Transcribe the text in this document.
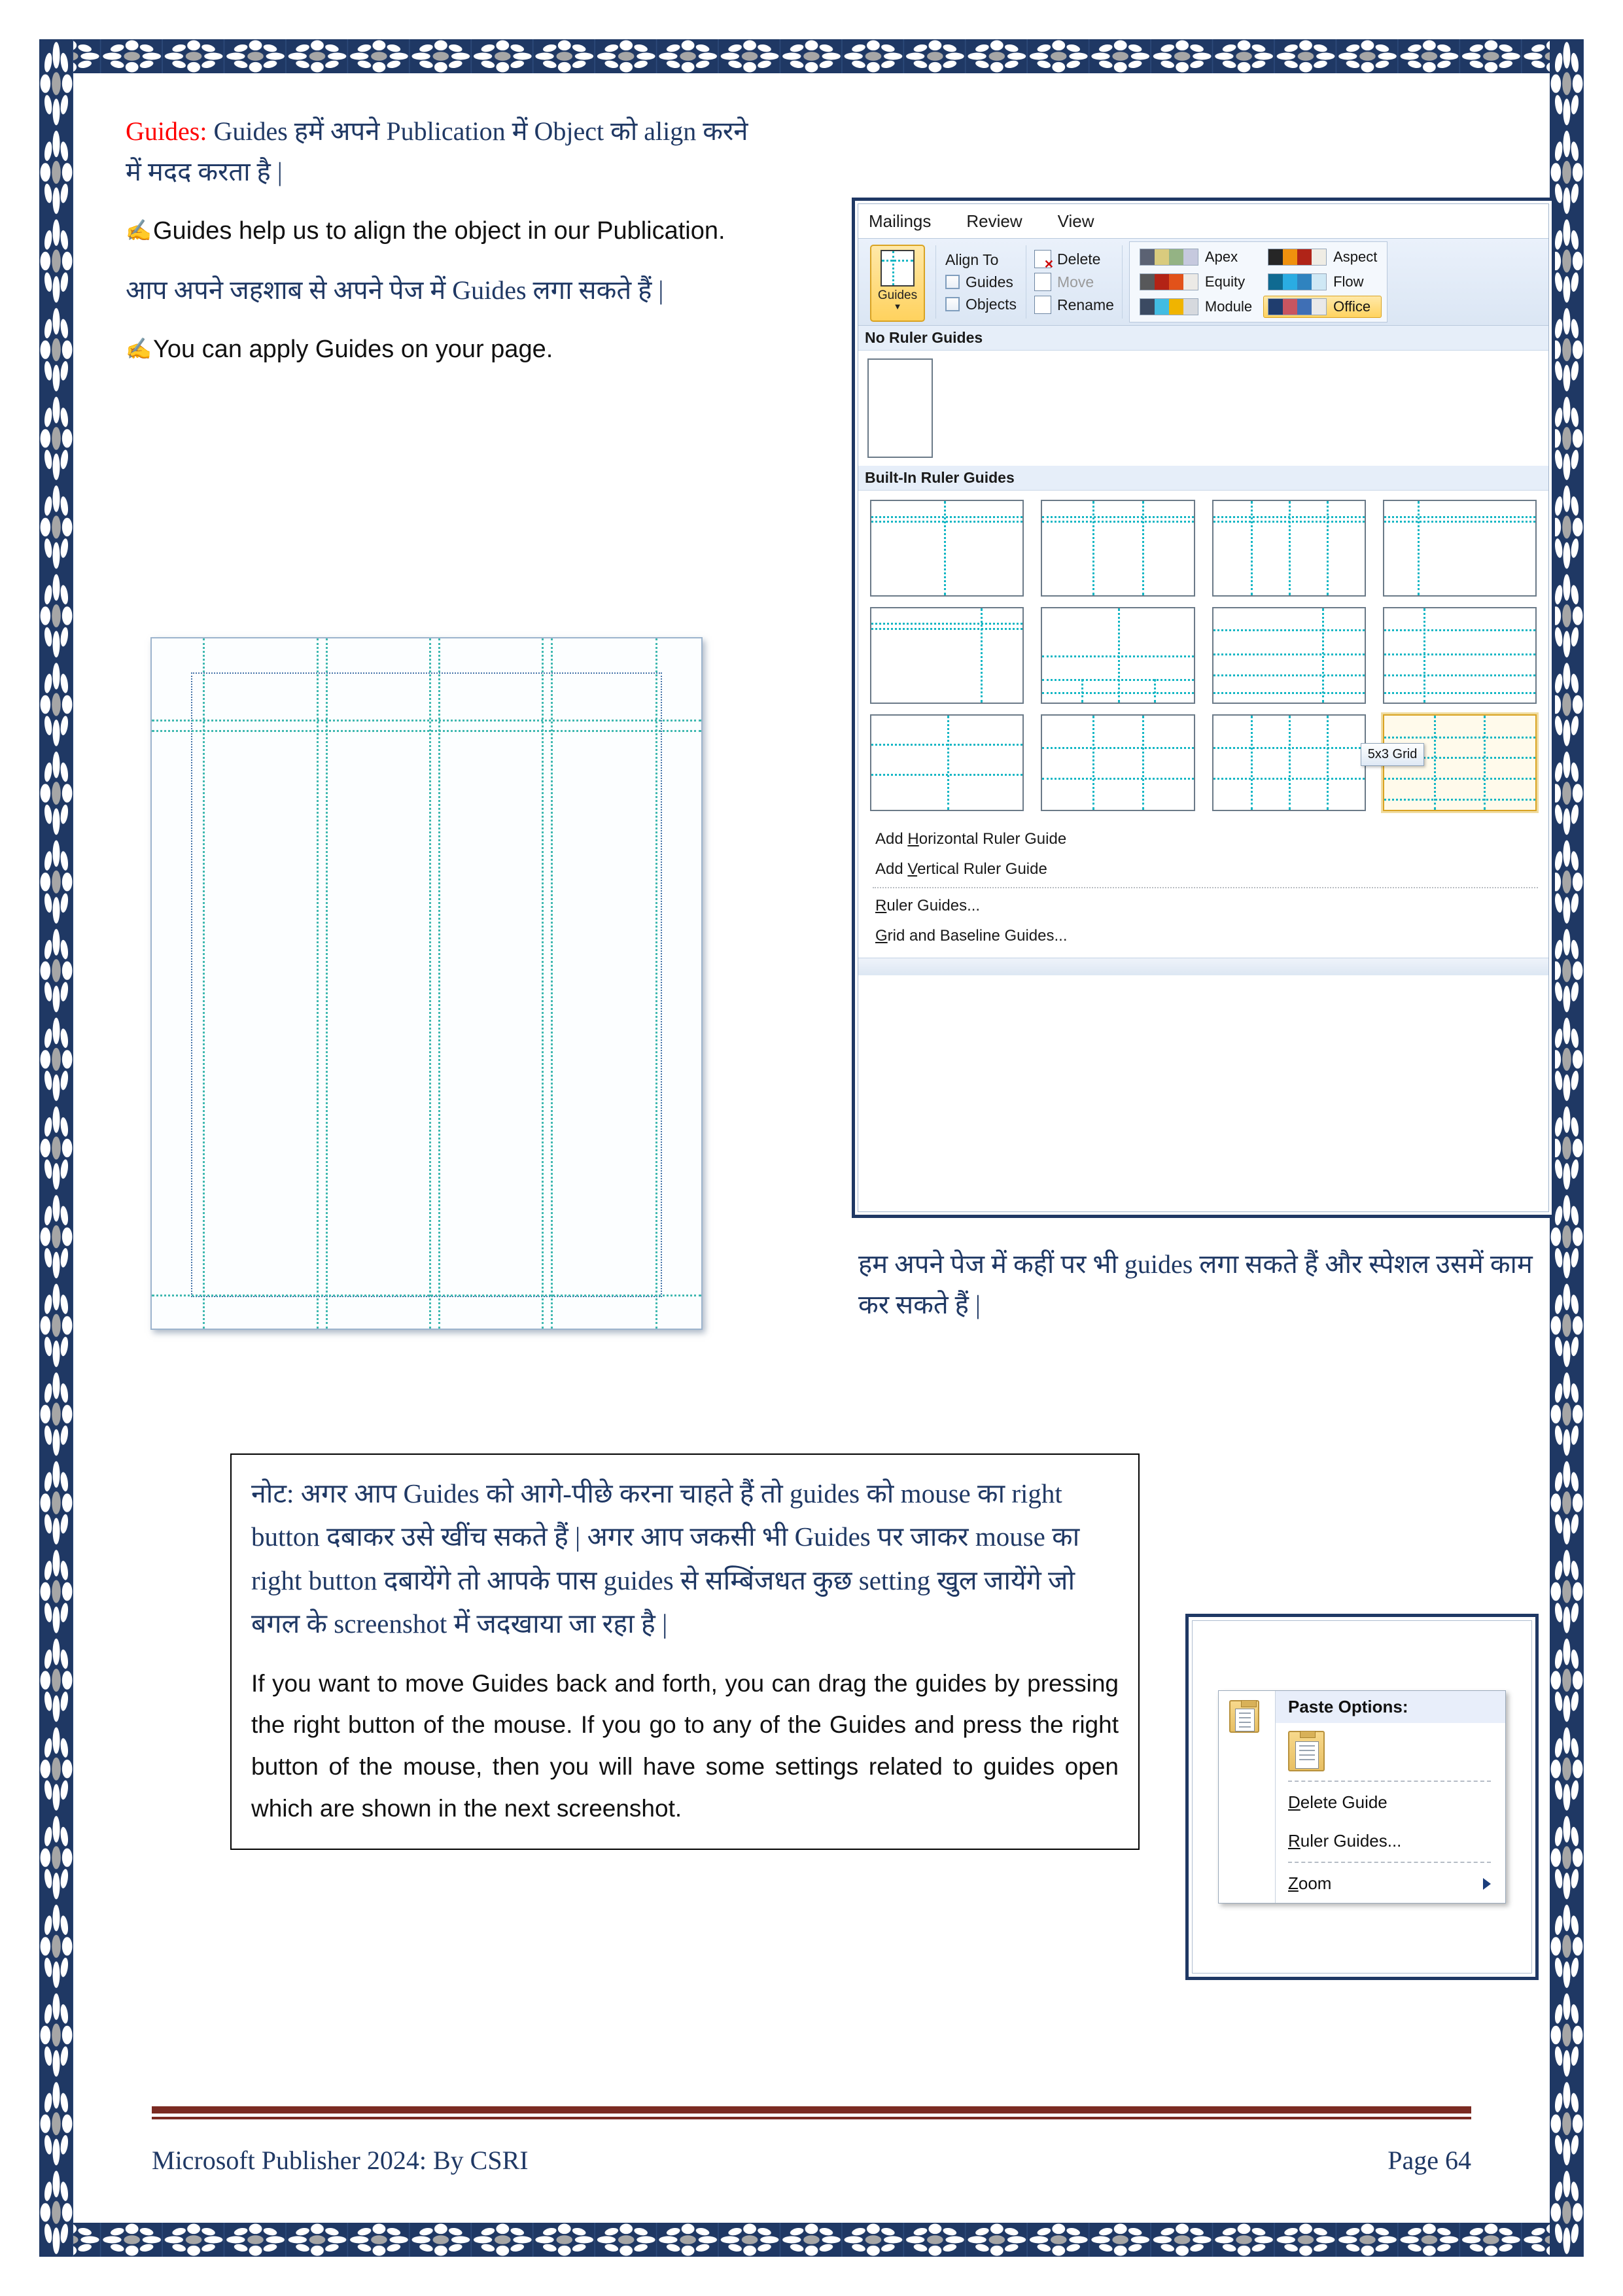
Guides: Guides हमें अपने Publication में Object को align करने में मदद करता है |

✍Guides help us to align the object in our Publication.

आप अपने जहशाब से अपने पेज में Guides लगा सकते हैं |

✍You can apply Guides on your page.

Mailings Review View
Guides
▼
Align To
Guides
Objects
✕ Delete
Move
Rename
Apex	Aspect
Equity	Flow
Module	Office
No Ruler Guides
Built-In Ruler Guides
5x3 Grid
Add Horizontal Ruler Guide
Add Vertical Ruler Guide
Ruler Guides...
Grid and Baseline Guides...

हम अपने पेज में कहीं पर भी guides लगा सकते हैं और स्पेशल उसमें काम कर सकते हैं |

नोट: अगर आप Guides को आगे-पीछे करना चाहते हैं तो guides को mouse का right button दबाकर उसे खींच सकते हैं | अगर आप जकसी भी Guides पर जाकर mouse का right button दबायेंगे तो आपके पास guides से सम्बिंजधत कुछ setting खुल जायेंगे जो बगल के screenshot में जदखाया जा रहा है |

If you want to move Guides back and forth, you can drag the guides by pressing the right button of the mouse. If you go to any of the Guides and press the right button of the mouse, then you will have some settings related to guides open which are shown in the next screenshot.

Paste Options:
Delete Guide
Ruler Guides...
Zoom
Microsoft Publisher 2024: By CSRI	Page 64
